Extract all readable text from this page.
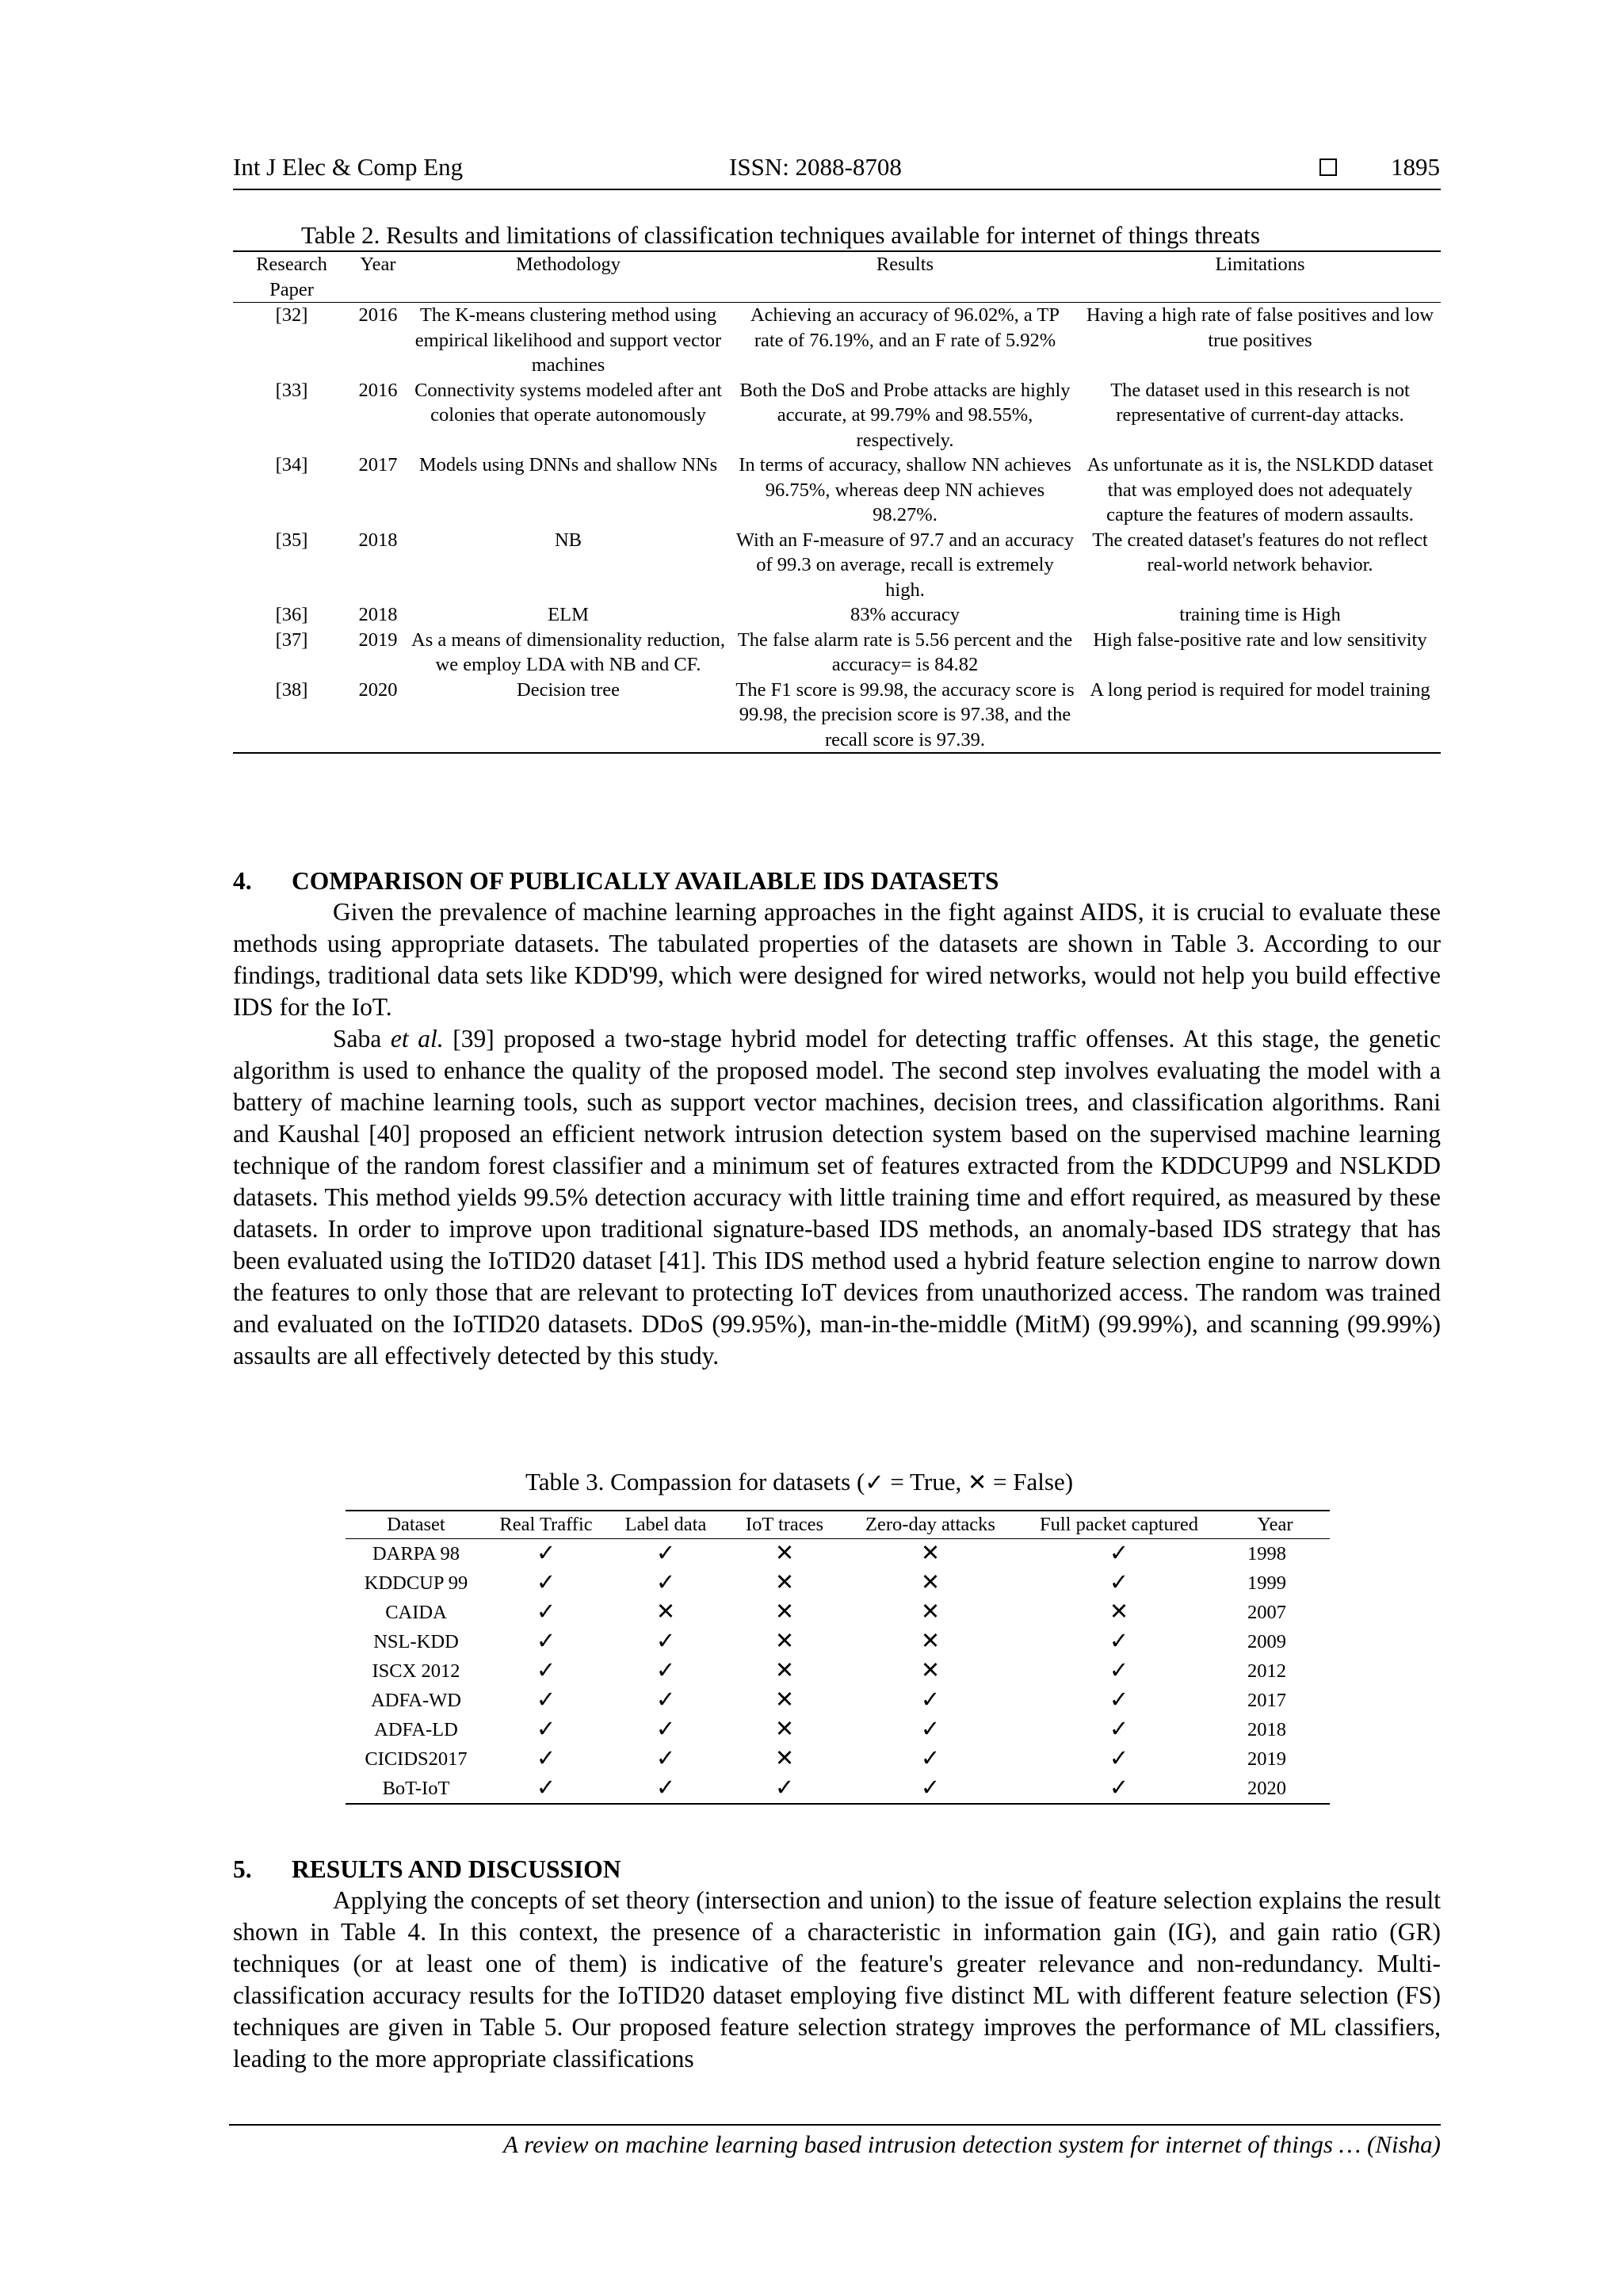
Int J Elec & Comp Eng	ISSN: 2088-8708	1895
Table 2. Results and limitations of classification techniques available for internet of things threats
Research Paper	Year	Methodology	Results	Limitations
[32]	2016	The K-means clustering method using empirical likelihood and support vector machines	Achieving an accuracy of 96.02%, a TP rate of 76.19%, and an F rate of 5.92%	Having a high rate of false positives and low true positives
[33]	2016	Connectivity systems modeled after ant colonies that operate autonomously	Both the DoS and Probe attacks are highly accurate, at 99.79% and 98.55%, respectively.	The dataset used in this research is not representative of current-day attacks.
[34]	2017	Models using DNNs and shallow NNs	In terms of accuracy, shallow NN achieves 96.75%, whereas deep NN achieves 98.27%.	As unfortunate as it is, the NSLKDD dataset that was employed does not adequately capture the features of modern assaults.
[35]	2018	NB	With an F-measure of 97.7 and an accuracy of 99.3 on average, recall is extremely high.	The created dataset's features do not reflect real-world network behavior.
[36]	2018	ELM	83% accuracy	training time is High
[37]	2019	As a means of dimensionality reduction, we employ LDA with NB and CF.	The false alarm rate is 5.56 percent and the accuracy= is 84.82	High false-positive rate and low sensitivity
[38]	2020	Decision tree	The F1 score is 99.98, the accuracy score is 99.98, the precision score is 97.38, and the recall score is 97.39.	A long period is required for model training
4. COMPARISON OF PUBLICALLY AVAILABLE IDS DATASETS

Given the prevalence of machine learning approaches in the fight against AIDS, it is crucial to evaluate these methods using appropriate datasets. The tabulated properties of the datasets are shown in Table 3. According to our findings, traditional data sets like KDD'99, which were designed for wired networks, would not help you build effective IDS for the IoT.

Saba et al. [39] proposed a two-stage hybrid model for detecting traffic offenses. At this stage, the genetic algorithm is used to enhance the quality of the proposed model. The second step involves evaluating the model with a battery of machine learning tools, such as support vector machines, decision trees, and classification algorithms. Rani and Kaushal [40] proposed an efficient network intrusion detection system based on the supervised machine learning technique of the random forest classifier and a minimum set of features extracted from the KDDCUP99 and NSLKDD datasets. This method yields 99.5% detection accuracy with little training time and effort required, as measured by these datasets. In order to improve upon traditional signature-based IDS methods, an anomaly-based IDS strategy that has been evaluated using the IoTID20 dataset [41]. This IDS method used a hybrid feature selection engine to narrow down the features to only those that are relevant to protecting IoT devices from unauthorized access. The random was trained and evaluated on the IoTID20 datasets. DDoS (99.95%), man-in-the-middle (MitM) (99.99%), and scanning (99.99%) assaults are all effectively detected by this study.

Table 3. Compassion for datasets (✓ = True, ✕ = False)
Dataset	Real Traffic	Label data	IoT traces	Zero-day attacks	Full packet captured	Year
DARPA 98	✓	✓	✕	✕	✓	1998
KDDCUP 99	✓	✓	✕	✕	✓	1999
CAIDA	✓	✕	✕	✕	✕	2007
NSL-KDD	✓	✓	✕	✕	✓	2009
ISCX 2012	✓	✓	✕	✕	✓	2012
ADFA-WD	✓	✓	✕	✓	✓	2017
ADFA-LD	✓	✓	✕	✓	✓	2018
CICIDS2017	✓	✓	✕	✓	✓	2019
BoT-IoT	✓	✓	✓	✓	✓	2020
5. RESULTS AND DISCUSSION

Applying the concepts of set theory (intersection and union) to the issue of feature selection explains the result shown in Table 4. In this context, the presence of a characteristic in information gain (IG), and gain ratio (GR) techniques (or at least one of them) is indicative of the feature's greater relevance and non-redundancy. Multi-classification accuracy results for the IoTID20 dataset employing five distinct ML with different feature selection (FS) techniques are given in Table 5. Our proposed feature selection strategy improves the performance of ML classifiers, leading to the more appropriate classifications

A review on machine learning based intrusion detection system for internet of things … (Nisha)
